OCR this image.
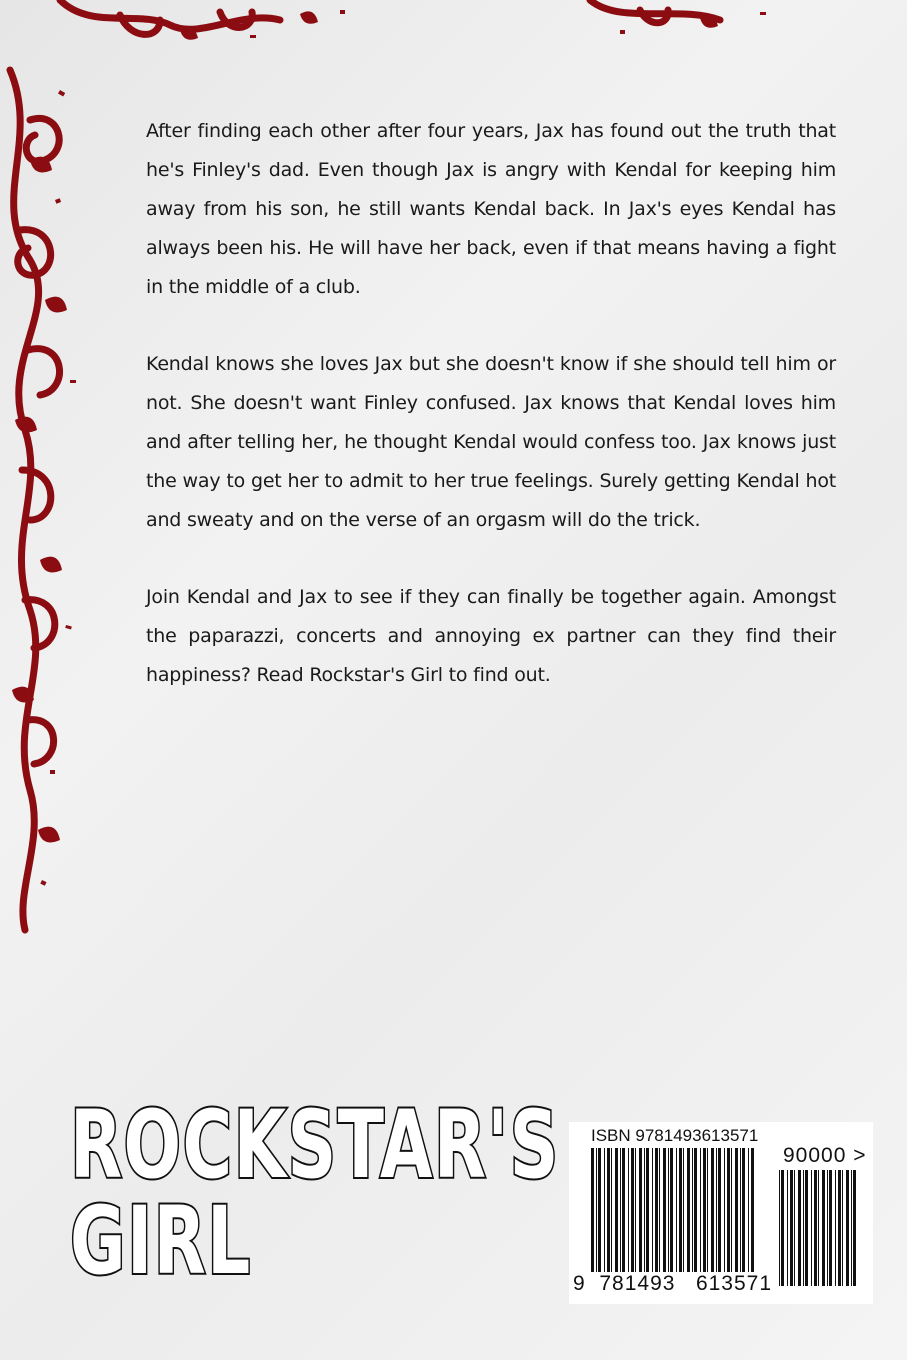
After finding each other after four years, Jax has found out the truth that he's Finley's dad. Even though Jax is angry with Kendal for keeping him away from his son, he still wants Kendal back. In Jax's eyes Kendal has always been his. He will have her back, even if that means having a fight in the middle of a club.

Kendal knows she loves Jax but she doesn't know if she should tell him or not. She doesn't want Finley confused. Jax knows that Kendal loves him and after telling her, he thought Kendal would confess too. Jax knows just the way to get her to admit to her true feelings. Surely getting Kendal hot and sweaty and on the verse of an orgasm will do the trick.

Join Kendal and Jax to see if they can finally be together again. Amongst the paparazzi, concerts and annoying ex partner can they find their happiness? Read Rockstar's Girl to find out.

ROCKSTAR'S
GIRL
ISBN 9781493613571
90000 >
9 781493 613571
